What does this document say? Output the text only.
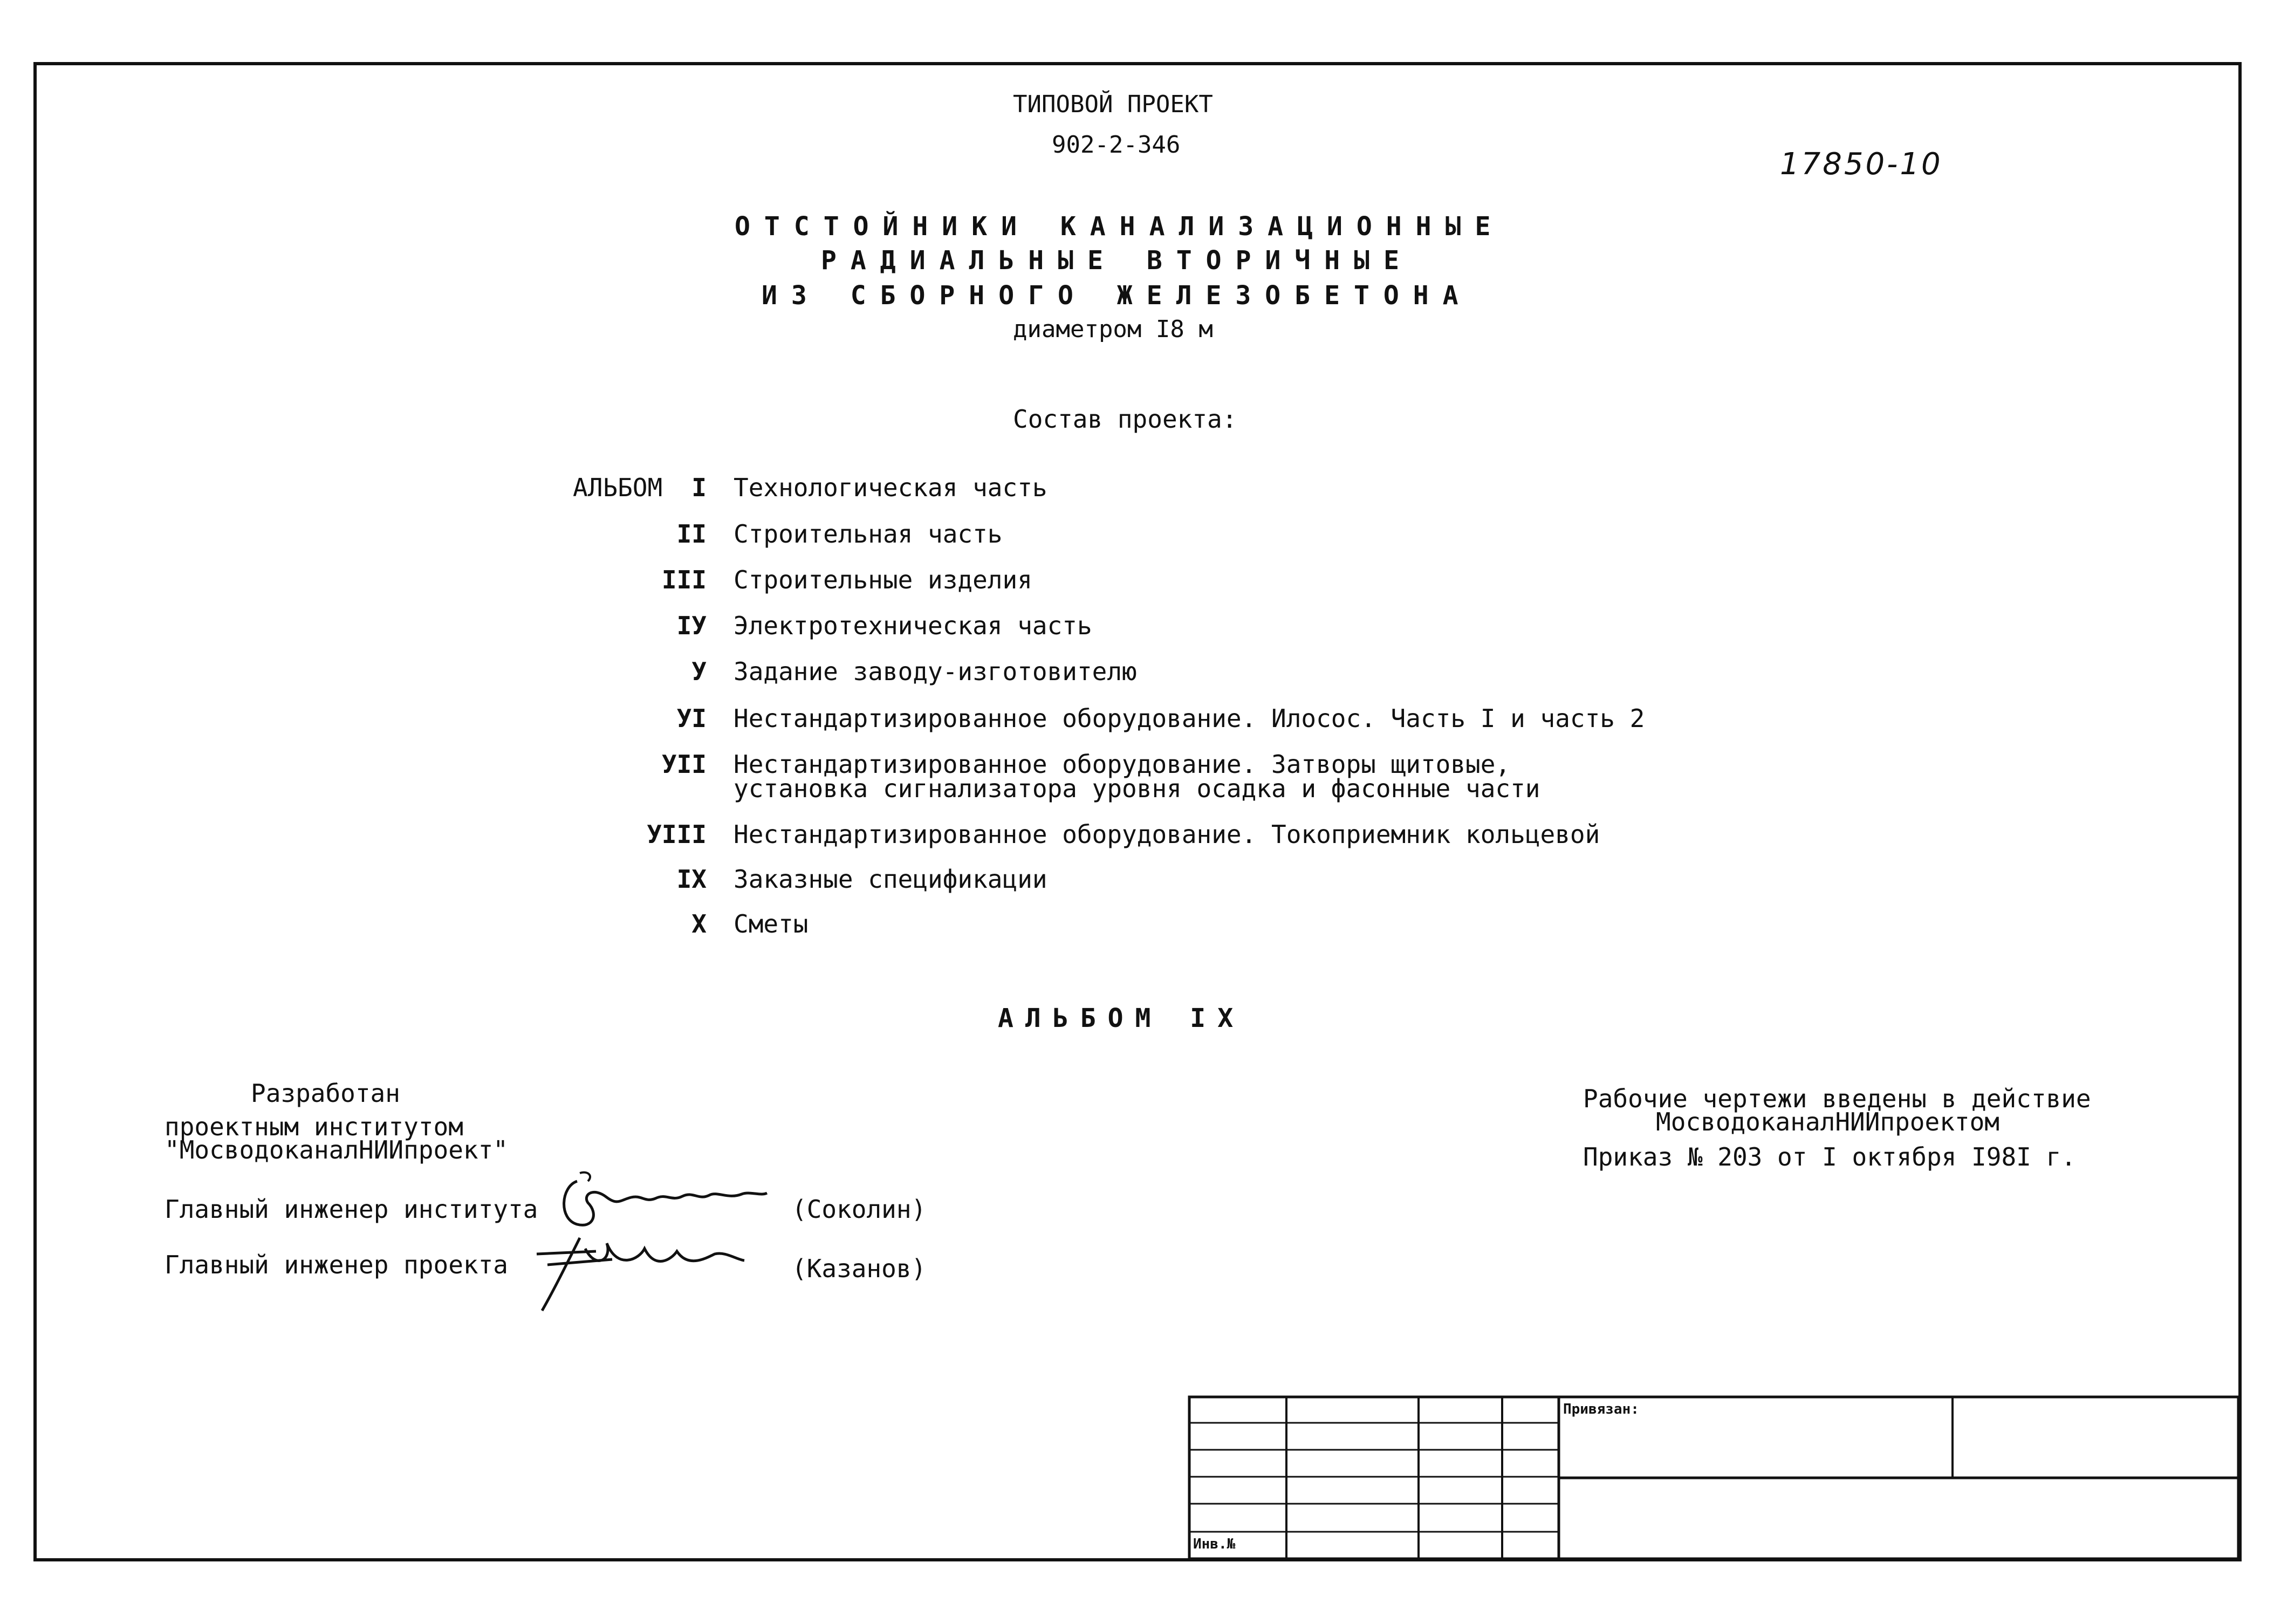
ТИПОВОЙ ПРОЕКТ
902-2-346
17850-10
ОТСТОЙНИКИ КАНАЛИЗАЦИОННЫЕ
РАДИАЛЬНЫЕ ВТОРИЧНЫЕ
ИЗ СБОРНОГО ЖЕЛЕЗОБЕТОНА
диаметром I8 м
Состав проекта:
АЛЬБОМ	I Технологическая часть
II Строительная часть
III Строительные изделия
IУ Электротехническая часть
У Задание заводу-изготовителю
УI Нестандартизированное оборудование. Илосос. Часть I и часть 2
УII Нестандартизированное оборудование. Затворы щитовые,
установка сигнализатора уровня осадка и фасонные части
УIII Нестандартизированное оборудование. Токоприемник кольцевой
IX Заказные спецификации
X Сметы
АЛЬБОМ IX
Разработан
проектным институтом
"МосводоканалНИИпроект"
Главный инженер института	(Соколин)
Главный инженер проекта	(Казанов)
Рабочие чертежи введены в действие
МосводоканалНИИпроектом
Приказ № 203 от I октября I98I г.
Привязан:
Инв.№
